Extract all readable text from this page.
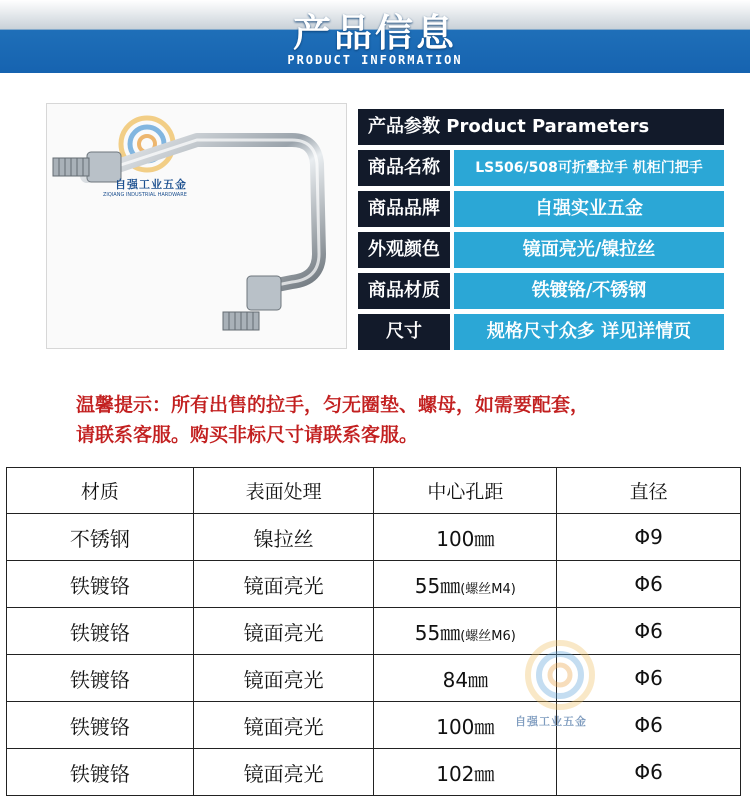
产品信息
PRODUCT INFORMATION
自强工业五金
ZIQIANG INDUSTRIAL HARDWARE
产品参数 Product Parameters
商品名称	LS506/508可折叠拉手 机柜门把手
商品品牌	自强实业五金
外观颜色	镜面亮光/镍拉丝
商品材质	铁镀铬/不锈钢
尺寸	规格尺寸众多 详见详情页
温馨提示：所有出售的拉手，匀无圈垫、螺母，如需要配套，
请联系客服。购买非标尺寸请联系客服。
材质	表面处理	中心孔距	直径
不锈钢	镍拉丝	100㎜	Φ9
铁镀铬	镜面亮光	55㎜(螺丝M4)	Φ6
铁镀铬	镜面亮光	55㎜(螺丝M6)	Φ6
铁镀铬	镜面亮光	84㎜	Φ6
铁镀铬	镜面亮光	100㎜	Φ6
铁镀铬	镜面亮光	102㎜	Φ6
自强工业五金
